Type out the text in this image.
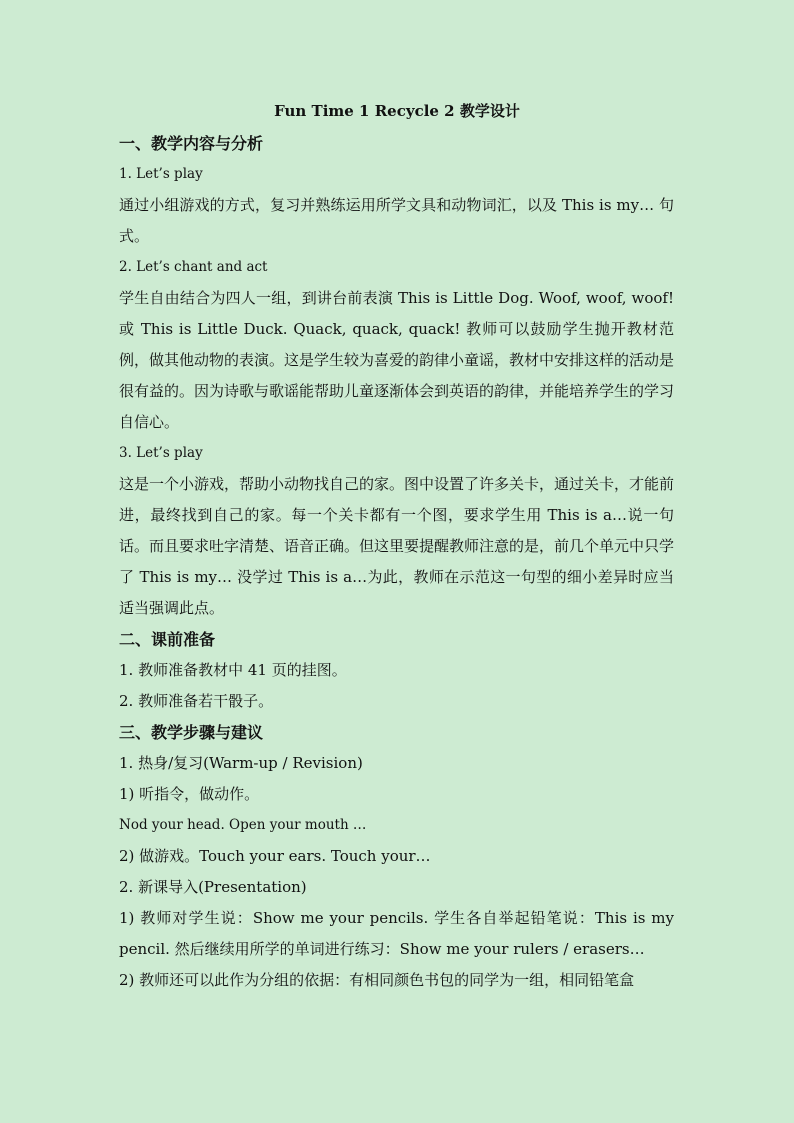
Fun Time 1 Recycle 2 教学设计
一、教学内容与分析
1. Let’s play
通过小组游戏的方式，复习并熟练运用所学文具和动物词汇，以及 This is my… 句式。
2. Let’s chant and act
学生自由结合为四人一组，到讲台前表演 This is Little Dog. Woof, woof, woof! 或 This is Little Duck. Quack, quack, quack! 教师可以鼓励学生抛开教材范例，做其他动物的表演。这是学生较为喜爱的韵律小童谣，教材中安排这样的活动是很有益的。因为诗歌与歌谣能帮助儿童逐渐体会到英语的韵律，并能培养学生的学习自信心。
3. Let’s play
这是一个小游戏，帮助小动物找自己的家。图中设置了许多关卡，通过关卡，才能前进，最终找到自己的家。每一个关卡都有一个图，要求学生用 This is a…说一句话。而且要求吐字清楚、语音正确。但这里要提醒教师注意的是，前几个单元中只学了 This is my… 没学过 This is a…为此，教师在示范这一句型的细小差异时应当适当强调此点。
二、课前准备
1. 教师准备教材中 41 页的挂图。
2. 教师准备若干骰子。
三、教学步骤与建议
1. 热身/复习(Warm-up / Revision)
1) 听指令，做动作。
Nod your head. Open your mouth …
2) 做游戏。Touch your ears. Touch your…
2. 新课导入(Presentation)
1) 教师对学生说：Show me your pencils. 学生各自举起铅笔说：This is my pencil. 然后继续用所学的单词进行练习：Show me your rulers / erasers…
2) 教师还可以此作为分组的依据：有相同颜色书包的同学为一组，相同铅笔盒
